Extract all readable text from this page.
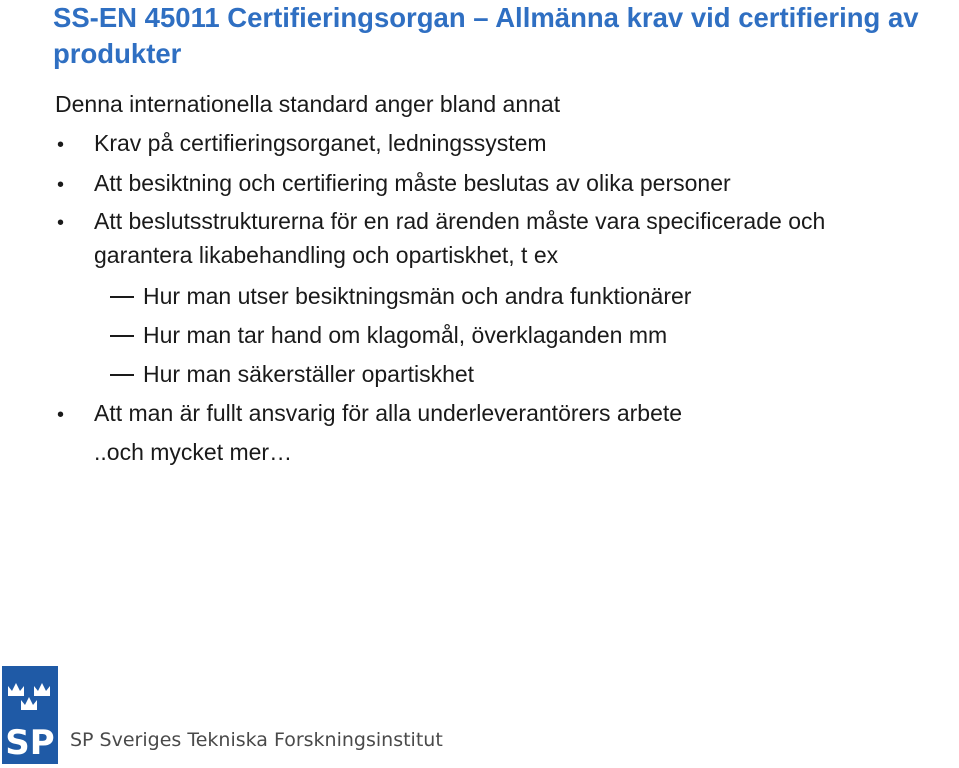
SS-EN 45011 Certifieringsorgan – Allmänna krav vid certifiering av produkter
Denna internationella standard anger bland annat
• Krav på certifieringsorganet, ledningssystem
• Att besiktning och certifiering måste beslutas av olika personer
• Att beslutsstrukturerna för en rad ärenden måste vara specificerade och
garantera likabehandling och opartiskhet, t ex
Hur man utser besiktningsmän och andra funktionärer
Hur man tar hand om klagomål, överklaganden mm
Hur man säkerställer opartiskhet
• Att man är fullt ansvarig för alla underleverantörers arbete
..och mycket mer…
SP SP Sveriges Tekniska Forskningsinstitut
